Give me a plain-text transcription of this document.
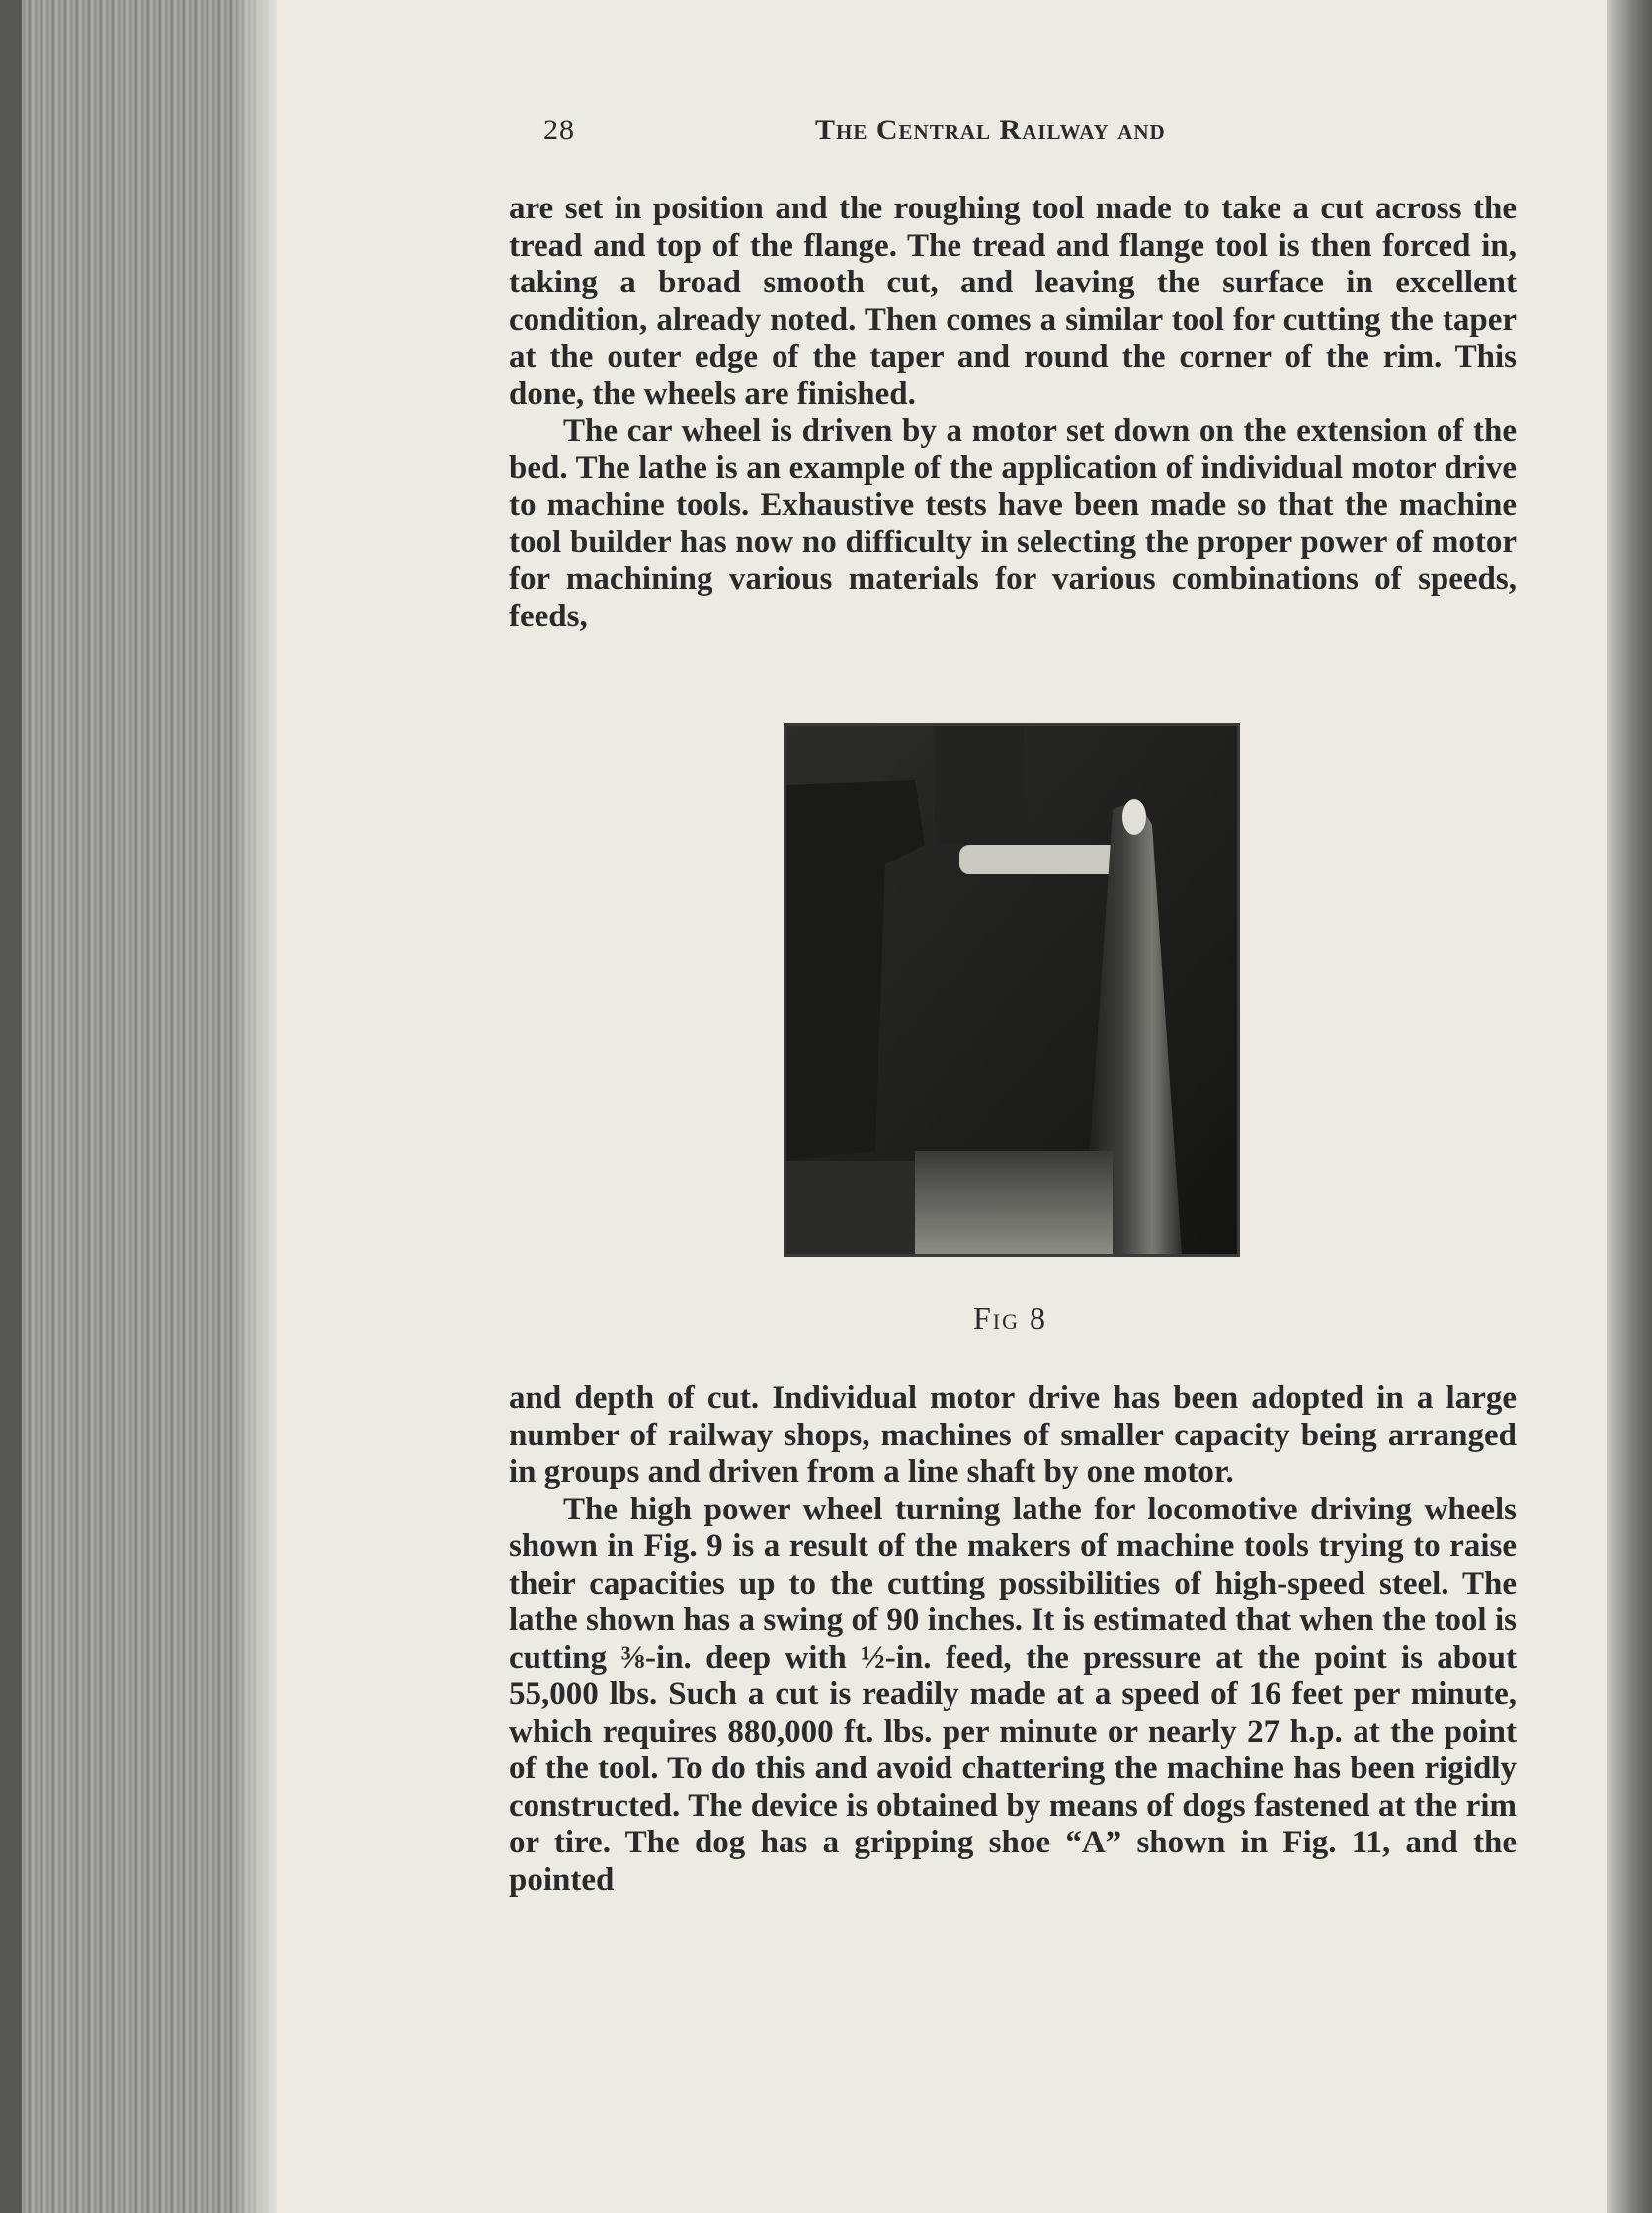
28	The Central Railway and

are set in position and the roughing tool made to take a cut across the tread and top of the flange. The tread and flange tool is then forced in, taking a broad smooth cut, and leaving the surface in excellent condition, already noted. Then comes a similar tool for cutting the taper at the outer edge of the taper and round the corner of the rim. This done, the wheels are finished.

The car wheel is driven by a motor set down on the extension of the bed. The lathe is an example of the application of individual motor drive to machine tools. Exhaustive tests have been made so that the machine tool builder has now no difficulty in selecting the proper power of motor for machining various materials for various combinations of speeds, feeds,

Fig 8

and depth of cut. Individual motor drive has been adopted in a large number of railway shops, machines of smaller capacity being arranged in groups and driven from a line shaft by one motor.

The high power wheel turning lathe for locomotive driving wheels shown in Fig. 9 is a result of the makers of machine tools trying to raise their capacities up to the cutting possibilities of high-speed steel. The lathe shown has a swing of 90 inches. It is estimated that when the tool is cutting ⅜-in. deep with ½-in. feed, the pressure at the point is about 55,000 lbs. Such a cut is readily made at a speed of 16 feet per minute, which requires 880,000 ft. lbs. per minute or nearly 27 h.p. at the point of the tool. To do this and avoid chattering the machine has been rigidly constructed. The device is obtained by means of dogs fastened at the rim or tire. The dog has a gripping shoe “A” shown in Fig. 11, and the pointed
